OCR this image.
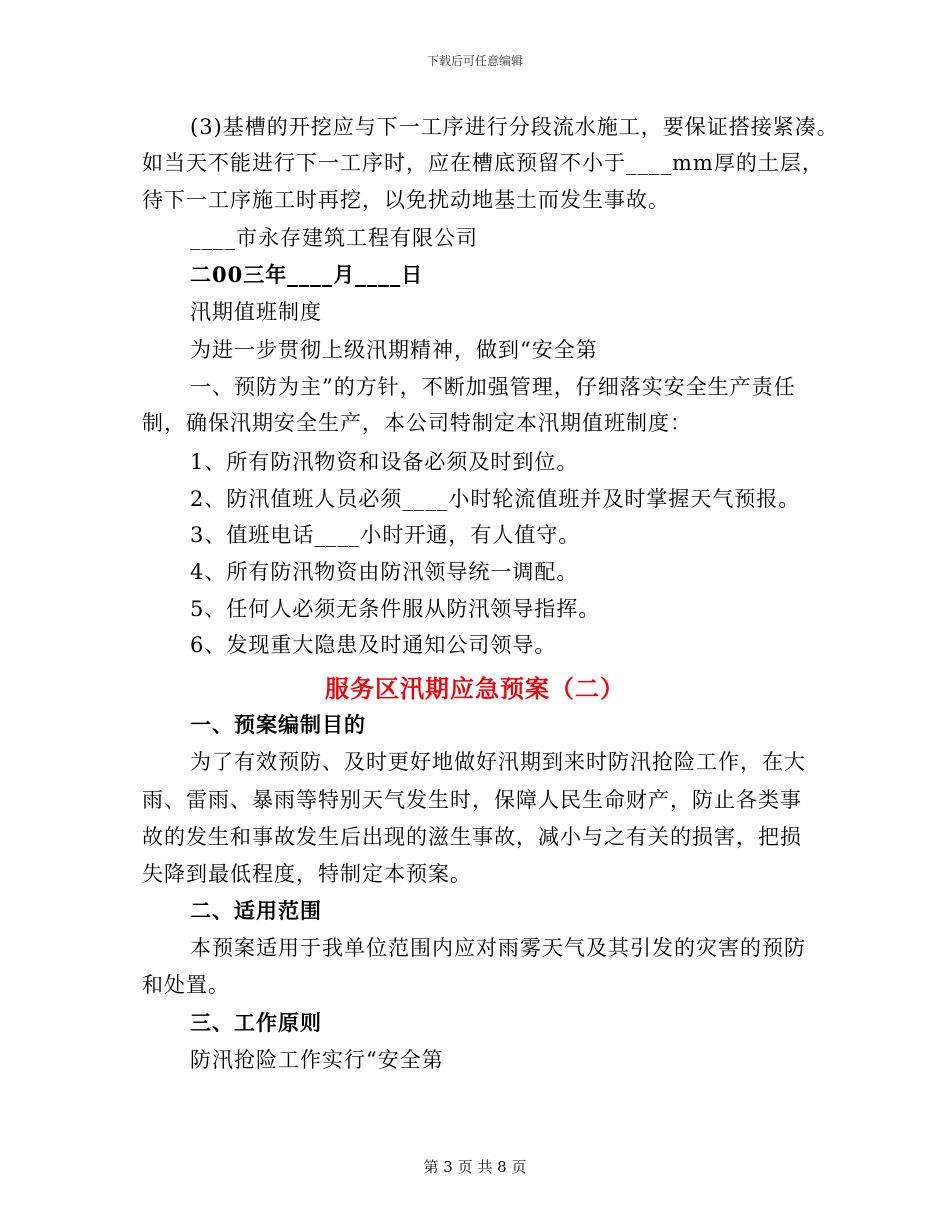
下载后可任意编辑
(3)基槽的开挖应与下一工序进行分段流水施工，要保证搭接紧凑。
如当天不能进行下一工序时，应在槽底预留不小于____mm厚的土层，
待下一工序施工时再挖，以免扰动地基土而发生事故。
____市永存建筑工程有限公司
二00三年____月____日
汛期值班制度
为进一步贯彻上级汛期精神，做到“安全第
一、预防为主”的方针，不断加强管理，仔细落实安全生产责任
制，确保汛期安全生产，本公司特制定本汛期值班制度：
1、所有防汛物资和设备必须及时到位。
2、防汛值班人员必须____小时轮流值班并及时掌握天气预报。
3、值班电话____小时开通，有人值守。
4、所有防汛物资由防汛领导统一调配。
5、任何人必须无条件服从防汛领导指挥。
6、发现重大隐患及时通知公司领导。
服务区汛期应急预案（二）
一、预案编制目的
为了有效预防、及时更好地做好汛期到来时防汛抢险工作，在大
雨、雷雨、暴雨等特别天气发生时，保障人民生命财产，防止各类事
故的发生和事故发生后出现的滋生事故，减小与之有关的损害，把损
失降到最低程度，特制定本预案。
二、适用范围
本预案适用于我单位范围内应对雨雾天气及其引发的灾害的预防
和处置。
三、工作原则
防汛抢险工作实行“安全第
第 3 页 共 8 页
